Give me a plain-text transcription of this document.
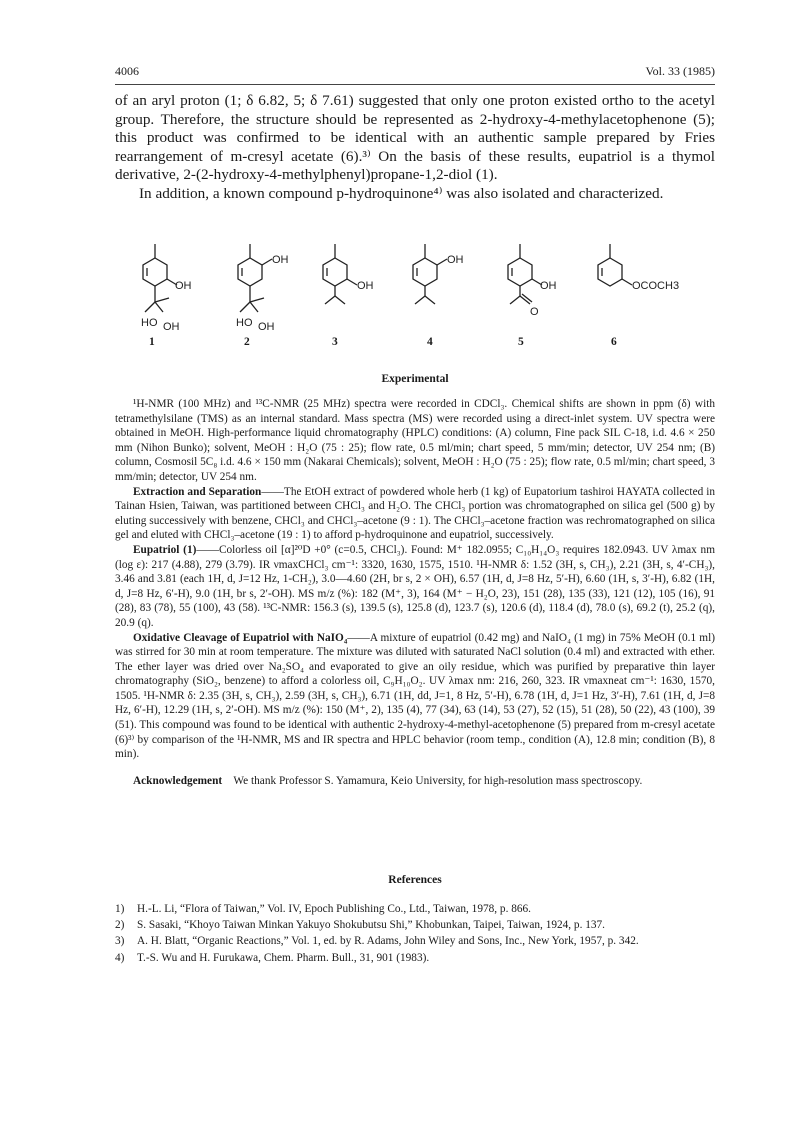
4006	Vol. 33 (1985)

of an aryl proton (1; δ 6.82, 5; δ 7.61) suggested that only one proton existed ortho to the acetyl group. Therefore, the structure should be represented as 2-hydroxy-4-methylacetophenone (5); this product was confirmed to be identical with an authentic sample prepared by Fries rearrangement of m-cresyl acetate (6).³⁾ On the basis of these results, eupatriol is a thymol derivative, 2-(2-hydroxy-4-methylphenyl)propane-1,2-diol (1).

In addition, a known compound p-hydroquinone⁴⁾ was also isolated and characterized.

OH
HO OH
OH
HO OH
OH
OH
OH
O
OCOCH3
1	2	3	4	5	6
Experimental

¹H-NMR (100 MHz) and ¹³C-NMR (25 MHz) spectra were recorded in CDCl₃. Chemical shifts are shown in ppm (δ) with tetramethylsilane (TMS) as an internal standard. Mass spectra (MS) were recorded using a direct-inlet system. UV spectra were obtained in MeOH. High-performance liquid chromatography (HPLC) conditions: (A) column, Fine pack SIL C-18, i.d. 4.6 × 250 mm (Nihon Bunko); solvent, MeOH : H₂O (75 : 25); flow rate, 0.5 ml/min; chart speed, 5 mm/min; detector, UV 254 nm; (B) column, Cosmosil 5C₈ i.d. 4.6 × 150 mm (Nakarai Chemicals); solvent, MeOH : H₂O (75 : 25); flow rate, 0.5 ml/min; chart speed, 3 mm/min; detector, UV 254 nm.

Extraction and Separation——The EtOH extract of powdered whole herb (1 kg) of Eupatorium tashiroi HAYATA collected in Tainan Hsien, Taiwan, was partitioned between CHCl₃ and H₂O. The CHCl₃ portion was chromatographed on silica gel (500 g) by eluting successively with benzene, CHCl₃ and CHCl₃–acetone (9 : 1). The CHCl₃–acetone fraction was rechromatographed on silica gel and eluted with CHCl₃–acetone (19 : 1) to afford p-hydroquinone and eupatriol, successively.

Eupatriol (1)——Colorless oil [α]²⁰D +0° (c=0.5, CHCl₃). Found: M⁺ 182.0955; C₁₀H₁₄O₃ requires 182.0943. UV λmax nm (log ε): 217 (4.88), 279 (3.79). IR νmaxCHCl₃ cm⁻¹: 3320, 1630, 1575, 1510. ¹H-NMR δ: 1.52 (3H, s, CH₃), 2.21 (3H, s, 4′-CH₃), 3.46 and 3.81 (each 1H, d, J=12 Hz, 1-CH₂), 3.0—4.60 (2H, br s, 2 × OH), 6.57 (1H, d, J=8 Hz, 5′-H), 6.60 (1H, s, 3′-H), 6.82 (1H, d, J=8 Hz, 6′-H), 9.0 (1H, br s, 2′-OH). MS m/z (%): 182 (M⁺, 3), 164 (M⁺ − H₂O, 23), 151 (28), 135 (33), 121 (12), 105 (16), 91 (28), 83 (78), 55 (100), 43 (58). ¹³C-NMR: 156.3 (s), 139.5 (s), 125.8 (d), 123.7 (s), 120.6 (d), 118.4 (d), 78.0 (s), 69.2 (t), 25.2 (q), 20.9 (q).

Oxidative Cleavage of Eupatriol with NaIO₄——A mixture of eupatriol (0.42 mg) and NaIO₄ (1 mg) in 75% MeOH (0.1 ml) was stirred for 30 min at room temperature. The mixture was diluted with saturated NaCl solution (0.4 ml) and extracted with ether. The ether layer was dried over Na₂SO₄ and evaporated to give an oily residue, which was purified by preparative thin layer chromatography (SiO₂, benzene) to afford a colorless oil, C₉H₁₀O₂. UV λmax nm: 216, 260, 323. IR νmaxneat cm⁻¹: 1630, 1570, 1505. ¹H-NMR δ: 2.35 (3H, s, CH₃), 2.59 (3H, s, CH₃), 6.71 (1H, dd, J=1, 8 Hz, 5′-H), 6.78 (1H, d, J=1 Hz, 3′-H), 7.61 (1H, d, J=8 Hz, 6′-H), 12.29 (1H, s, 2′-OH). MS m/z (%): 150 (M⁺, 2), 135 (4), 77 (34), 63 (14), 53 (27), 52 (15), 51 (28), 50 (22), 43 (100), 39 (51). This compound was found to be identical with authentic 2-hydroxy-4-methyl-acetophenone (5) prepared from m-cresyl acetate (6)³⁾ by comparison of the ¹H-NMR, MS and IR spectra and HPLC behavior (room temp., condition (A), 12.8 min; condition (B), 8 min).

Acknowledgement We thank Professor S. Yamamura, Keio University, for high-resolution mass spectroscopy.

References
1) H.-L. Li, “Flora of Taiwan,” Vol. IV, Epoch Publishing Co., Ltd., Taiwan, 1978, p. 866.
2) S. Sasaki, “Khoyo Taiwan Minkan Yakuyo Shokubutsu Shi,” Khobunkan, Taipei, Taiwan, 1924, p. 137.
3) A. H. Blatt, “Organic Reactions,” Vol. 1, ed. by R. Adams, John Wiley and Sons, Inc., New York, 1957, p. 342.
4) T.-S. Wu and H. Furukawa, Chem. Pharm. Bull., 31, 901 (1983).
